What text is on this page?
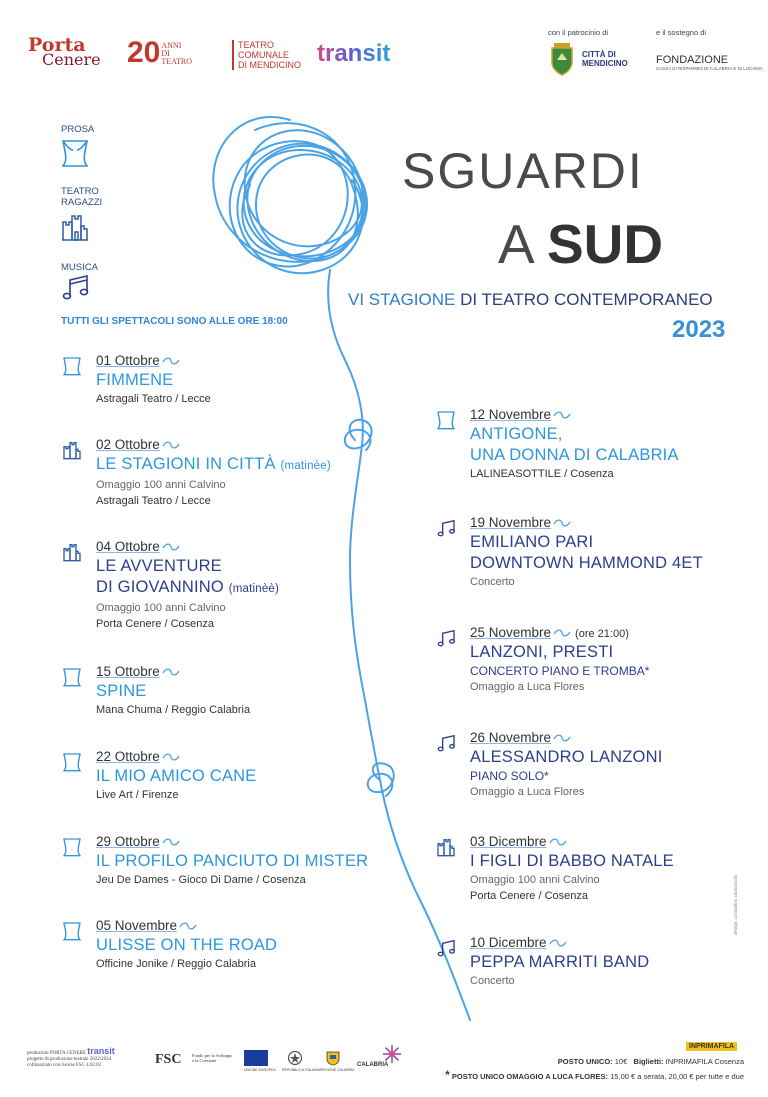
Porta
Cenere 20ANNI
DI
TEATRO
TEATRO
COMUNALE
DI MENDICINO transit
con il patrocinio di	e il sostegno di
CITTÀ DI
MENDICINO	FONDAZIONE
CASSA DI RISPARMIO DI CALABRIA E DI LUCANIA
PROSA
TEATRO RAGAZZI
MUSICA
TUTTI GLI SPETTACOLI SONO ALLE ORE 18:00
SGUARDI
A SUD
VI STAGIONE DI TEATRO CONTEMPORANEO
2023
01 Ottobre
FIMMENE
Astragali Teatro / Lecce
02 Ottobre
LE STAGIONI IN CITTÀ (matinèe)
Omaggio 100 anni Calvino
Astragali Teatro / Lecce
04 Ottobre
LE AVVENTURE
DI GIOVANNINO (matinèè)
Omaggio 100 anni Calvino
Porta Cenere / Cosenza
15 Ottobre
SPINE
Mana Chuma / Reggio Calabria
22 Ottobre
IL MIO AMICO CANE
Live Art / Firenze
29 Ottobre
IL PROFILO PANCIUTO DI MISTER
Jeu De Dames - Gioco Di Dame / Cosenza
05 Novembre
ULISSE ON THE ROAD
Officine Jonike / Reggio Calabria
12 Novembre
ANTIGONE,
UNA DONNA DI CALABRIA
LALINEASOTTILE / Cosenza
19 Novembre
EMILIANO PARI
DOWNTOWN HAMMOND 4ET
Concerto
25 Novembre (ore 21:00)
LANZONI, PRESTI
CONCERTO PIANO E TROMBA*
Omaggio a Luca Flores
26 Novembre
ALESSANDRO LANZONI
PIANO SOLO*
Omaggio a Luca Flores
03 Dicembre
I FIGLI DI BABBO NATALE
Omaggio 100 anni Calvino
Porta Cenere / Cosenza
10 Dicembre
PEPPA MARRITI BAND
Concerto
design: costantino santonocito
produzioni PORTA CENERE transit
progetto di produzione teatrale 2022/2024
cofinanziato con risorse FSC 4.02.02	FSC Fondo per lo Sviluppo
e la Coesione
UNIONE EUROPEA REPUBBLICA ITALIANA REGIONE CALABRIA
CALABRIA
INPRIMAFILA
POSTO UNICO: 10€ Biglietti: INPRIMAFILA Cosenza
* POSTO UNICO OMAGGIO A LUCA FLORES: 15,00 € a serata, 20,00 € per tutte e due
